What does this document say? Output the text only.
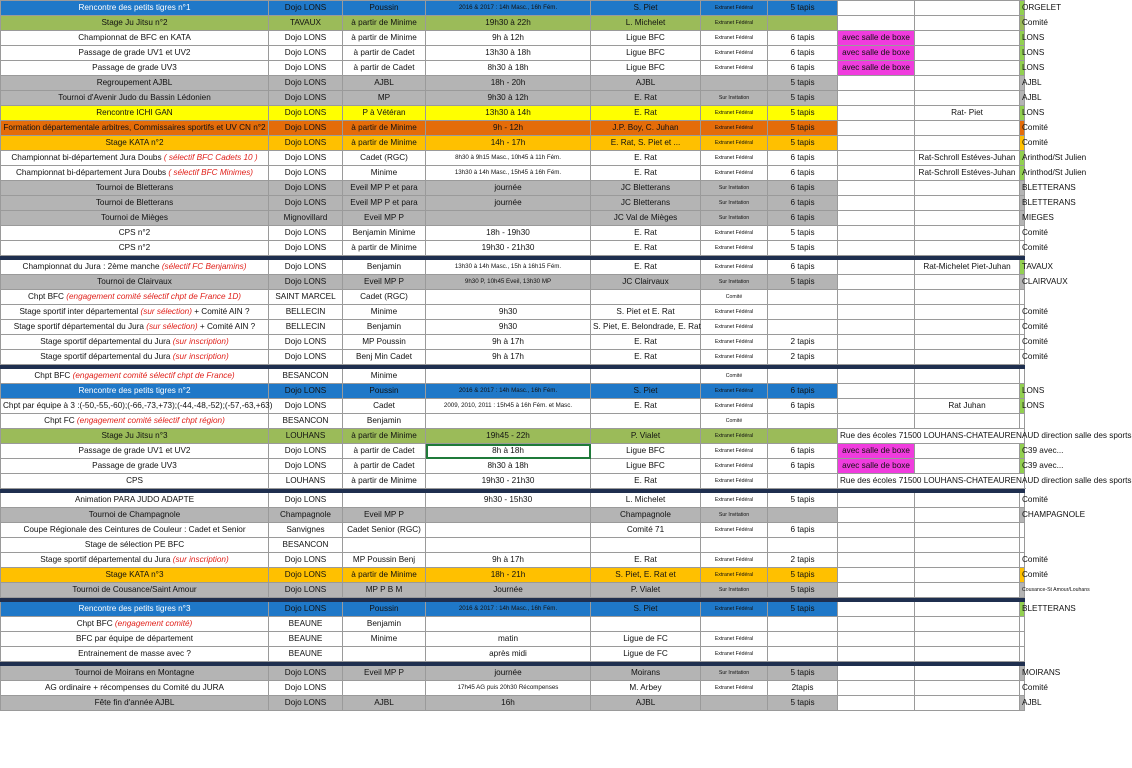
Rencontre des petits tigres n°1	Dojo LONS	Poussin	2016 & 2017 : 14h Masc., 16h Fém.	S. Piet	Extranet Fédéral	5 tapis			ORGELET	
Stage Ju Jitsu n°2	TAVAUX	à partir de Minime	19h30 à 22h	L. Michelet	Extranet Fédéral				Comité	
Championnat de BFC en KATA	Dojo LONS	à partir de Minime	9h à 12h	Ligue BFC	Extranet Fédéral	6 tapis	avec salle de boxe		LONS	
Passage de grade UV1 et UV2	Dojo LONS	à partir de Cadet	13h30 à 18h	Ligue BFC	Extranet Fédéral	6 tapis	avec salle de boxe		LONS	
Passage de grade UV3	Dojo LONS	à partir de Cadet	8h30 à 18h	Ligue BFC	Extranet Fédéral	6 tapis	avec salle de boxe		LONS	
Regroupement AJBL	Dojo LONS	AJBL	18h - 20h	AJBL		5 tapis			AJBL	
Tournoi d'Avenir Judo du Bassin Lédonien	Dojo LONS	MP	9h30 à 12h	E. Rat	Sur Invitation	5 tapis			AJBL	
Rencontre ICHI GAN	Dojo LONS	P à Vétéran	13h30 à 14h	E. Rat	Extranet Fédéral	5 tapis		Rat- Piet	LONS	
Formation départementale arbitres, Commissaires sportifs et UV CN n°2	Dojo LONS	à partir de Minime	9h - 12h	J.P. Boy, C. Juhan	Extranet Fédéral	5 tapis			Comité	
Stage KATA n°2	Dojo LONS	à partir de Minime	14h - 17h	E. Rat, S. Piet et ...	Extranet Fédéral	5 tapis			Comité	
Championnat bi-département Jura Doubs ( sélectif BFC Cadets 10 )	Dojo LONS	Cadet (RGC)	8h30 à 9h15 Masc., 10h45 à 11h Fém.	E. Rat	Extranet Fédéral	6 tapis		Rat-Schroll Estéves-Juhan	Arinthod/St Julien	
Championnat bi-département Jura Doubs ( sélectif BFC Minimes)	Dojo LONS	Minime	13h30 à 14h Masc., 15h45 à 16h Fém.	E. Rat	Extranet Fédéral	6 tapis		Rat-Schroll Estéves-Juhan	Arinthod/St Julien	
Tournoi de Bletterans	Dojo LONS	Eveil MP P et para	journée	JC Bletterans	Sur Invitation	6 tapis			BLETTERANS	
Tournoi de Bletterans	Dojo LONS	Eveil MP P et para	journée	JC Bletterans	Sur Invitation	6 tapis			BLETTERANS	
Tournoi de Mièges	Mignovillard	Eveil MP P		JC Val de Mièges	Sur Invitation	6 tapis			MIEGES	
CPS n°2	Dojo LONS	Benjamin Minime	18h - 19h30	E. Rat	Extranet Fédéral	5 tapis			Comité	
CPS n°2	Dojo LONS	à partir de Minime	19h30 - 21h30	E. Rat	Extranet Fédéral	5 tapis			Comité	

Championnat du Jura : 2ème manche (sélectif FC Benjamins)	Dojo LONS	Benjamin	13h30 à 14h Masc., 15h à 16h15 Fém.	E. Rat	Extranet Fédéral	6 tapis		Rat-Michelet Piet-Juhan	TAVAUX	
Tournoi de Clairvaux	Dojo LONS	Eveil MP P	9h30 P, 10h45 Eveil, 13h30 MP	JC Clairvaux	Sur Invitation	5 tapis			CLAIRVAUX	
Chpt BFC (engagement comité sélectif chpt de France 1D)	SAINT MARCEL	Cadet (RGC)			Comité					
Stage sportif inter départemental (sur sélection) + Comité AIN ?	BELLECIN	Minime	9h30	S. Piet et E. Rat	Extranet Fédéral				Comité	
Stage sportif départemental du Jura (sur sélection) + Comité AIN ?	BELLECIN	Benjamin	9h30	S. Piet, E. Belondrade, E. Rat	Extranet Fédéral				Comité	
Stage sportif départemental du Jura (sur inscription)	Dojo LONS	MP Poussin	9h à 17h	E. Rat	Extranet Fédéral	2 tapis			Comité	
Stage sportif départemental du Jura (sur inscription)	Dojo LONS	Benj Min Cadet	9h à 17h	E. Rat	Extranet Fédéral	2 tapis			Comité	

Chpt BFC (engagement comité sélectif chpt de France)	BESANCON	Minime			Comité					
Rencontre des petits tigres n°2	Dojo LONS	Poussin	2016 & 2017 : 14h Masc., 16h Fém.	S. Piet	Extranet Fédéral	6 tapis			LONS	
Chpt par équipe à 3 :(-50,-55,-60);(-66,-73,+73);(-44,-48,-52);(-57,-63,+63)	Dojo LONS	Cadet	2009, 2010, 2011 : 15h45 à 16h Fém. et Masc.	E. Rat	Extranet Fédéral	6 tapis		Rat Juhan	LONS	
Chpt FC (engagement comité sélectif chpt région)	BESANCON	Benjamin			Comité					
Stage Ju Jitsu n°3	LOUHANS	à partir de Minime	19h45 - 22h	P. Vialet	Extranet Fédéral		Rue des écoles 71500 LOUHANS-CHATEAURENAUD direction salle des sports			
Passage de grade UV1 et UV2	Dojo LONS	à partir de Cadet	8h à 18h	Ligue BFC	Extranet Fédéral	6 tapis	avec salle de boxe		C39 avec...	
Passage de grade UV3	Dojo LONS	à partir de Cadet	8h30 à 18h	Ligue BFC	Extranet Fédéral	6 tapis	avec salle de boxe		C39 avec...	
CPS	LOUHANS	à partir de Minime	19h30 - 21h30	E. Rat	Extranet Fédéral		Rue des écoles 71500 LOUHANS-CHATEAURENAUD direction salle des sports			

Animation PARA JUDO ADAPTE	Dojo LONS		9h30 - 15h30	L. Michelet	Extranet Fédéral	5 tapis			Comité	
Tournoi de Champagnole	Champagnole	Eveil MP P		Champagnole	Sur Invitation				CHAMPAGNOLE	
Coupe Régionale des Ceintures de Couleur : Cadet et Senior	Sanvignes	Cadet Senior (RGC)		Comité 71	Extranet Fédéral	6 tapis				
Stage de sélection PE BFC	BESANCON									
Stage sportif départemental du Jura (sur inscription)	Dojo LONS	MP Poussin Benj	9h à 17h	E. Rat	Extranet Fédéral	2 tapis			Comité	
Stage KATA n°3	Dojo LONS	à partir de Minime	18h - 21h	S. Piet, E. Rat et	Extranet Fédéral	5 tapis			Comité	
Tournoi de Cousance/Saint Amour	Dojo LONS	MP P B M	Journée	P. Vialet	Sur Invitation	5 tapis			Cousance-St Amour/Louhans	

Rencontre des petits tigres n°3	Dojo LONS	Poussin	2016 & 2017 : 14h Masc., 16h Fém.	S. Piet	Extranet Fédéral	5 tapis			BLETTERANS	
Chpt BFC (engagement comité)	BEAUNE	Benjamin								
BFC par équipe de département	BEAUNE	Minime	matin	Ligue de FC	Extranet Fédéral					
Entrainement de masse avec ?	BEAUNE		après midi	Ligue de FC	Extranet Fédéral					

Tournoi de Moirans en Montagne	Dojo LONS	Eveil MP P	journée	Moirans	Sur Invitation	5 tapis			MOIRANS	
AG ordinaire + récompenses du Comité du JURA	Dojo LONS		17h45 AG puis 20h30 Récompenses	M. Arbey	Extranet Fédéral	2tapis			Comité	
Fête fin d'année AJBL	Dojo LONS	AJBL	16h	AJBL		5 tapis			AJBL	
